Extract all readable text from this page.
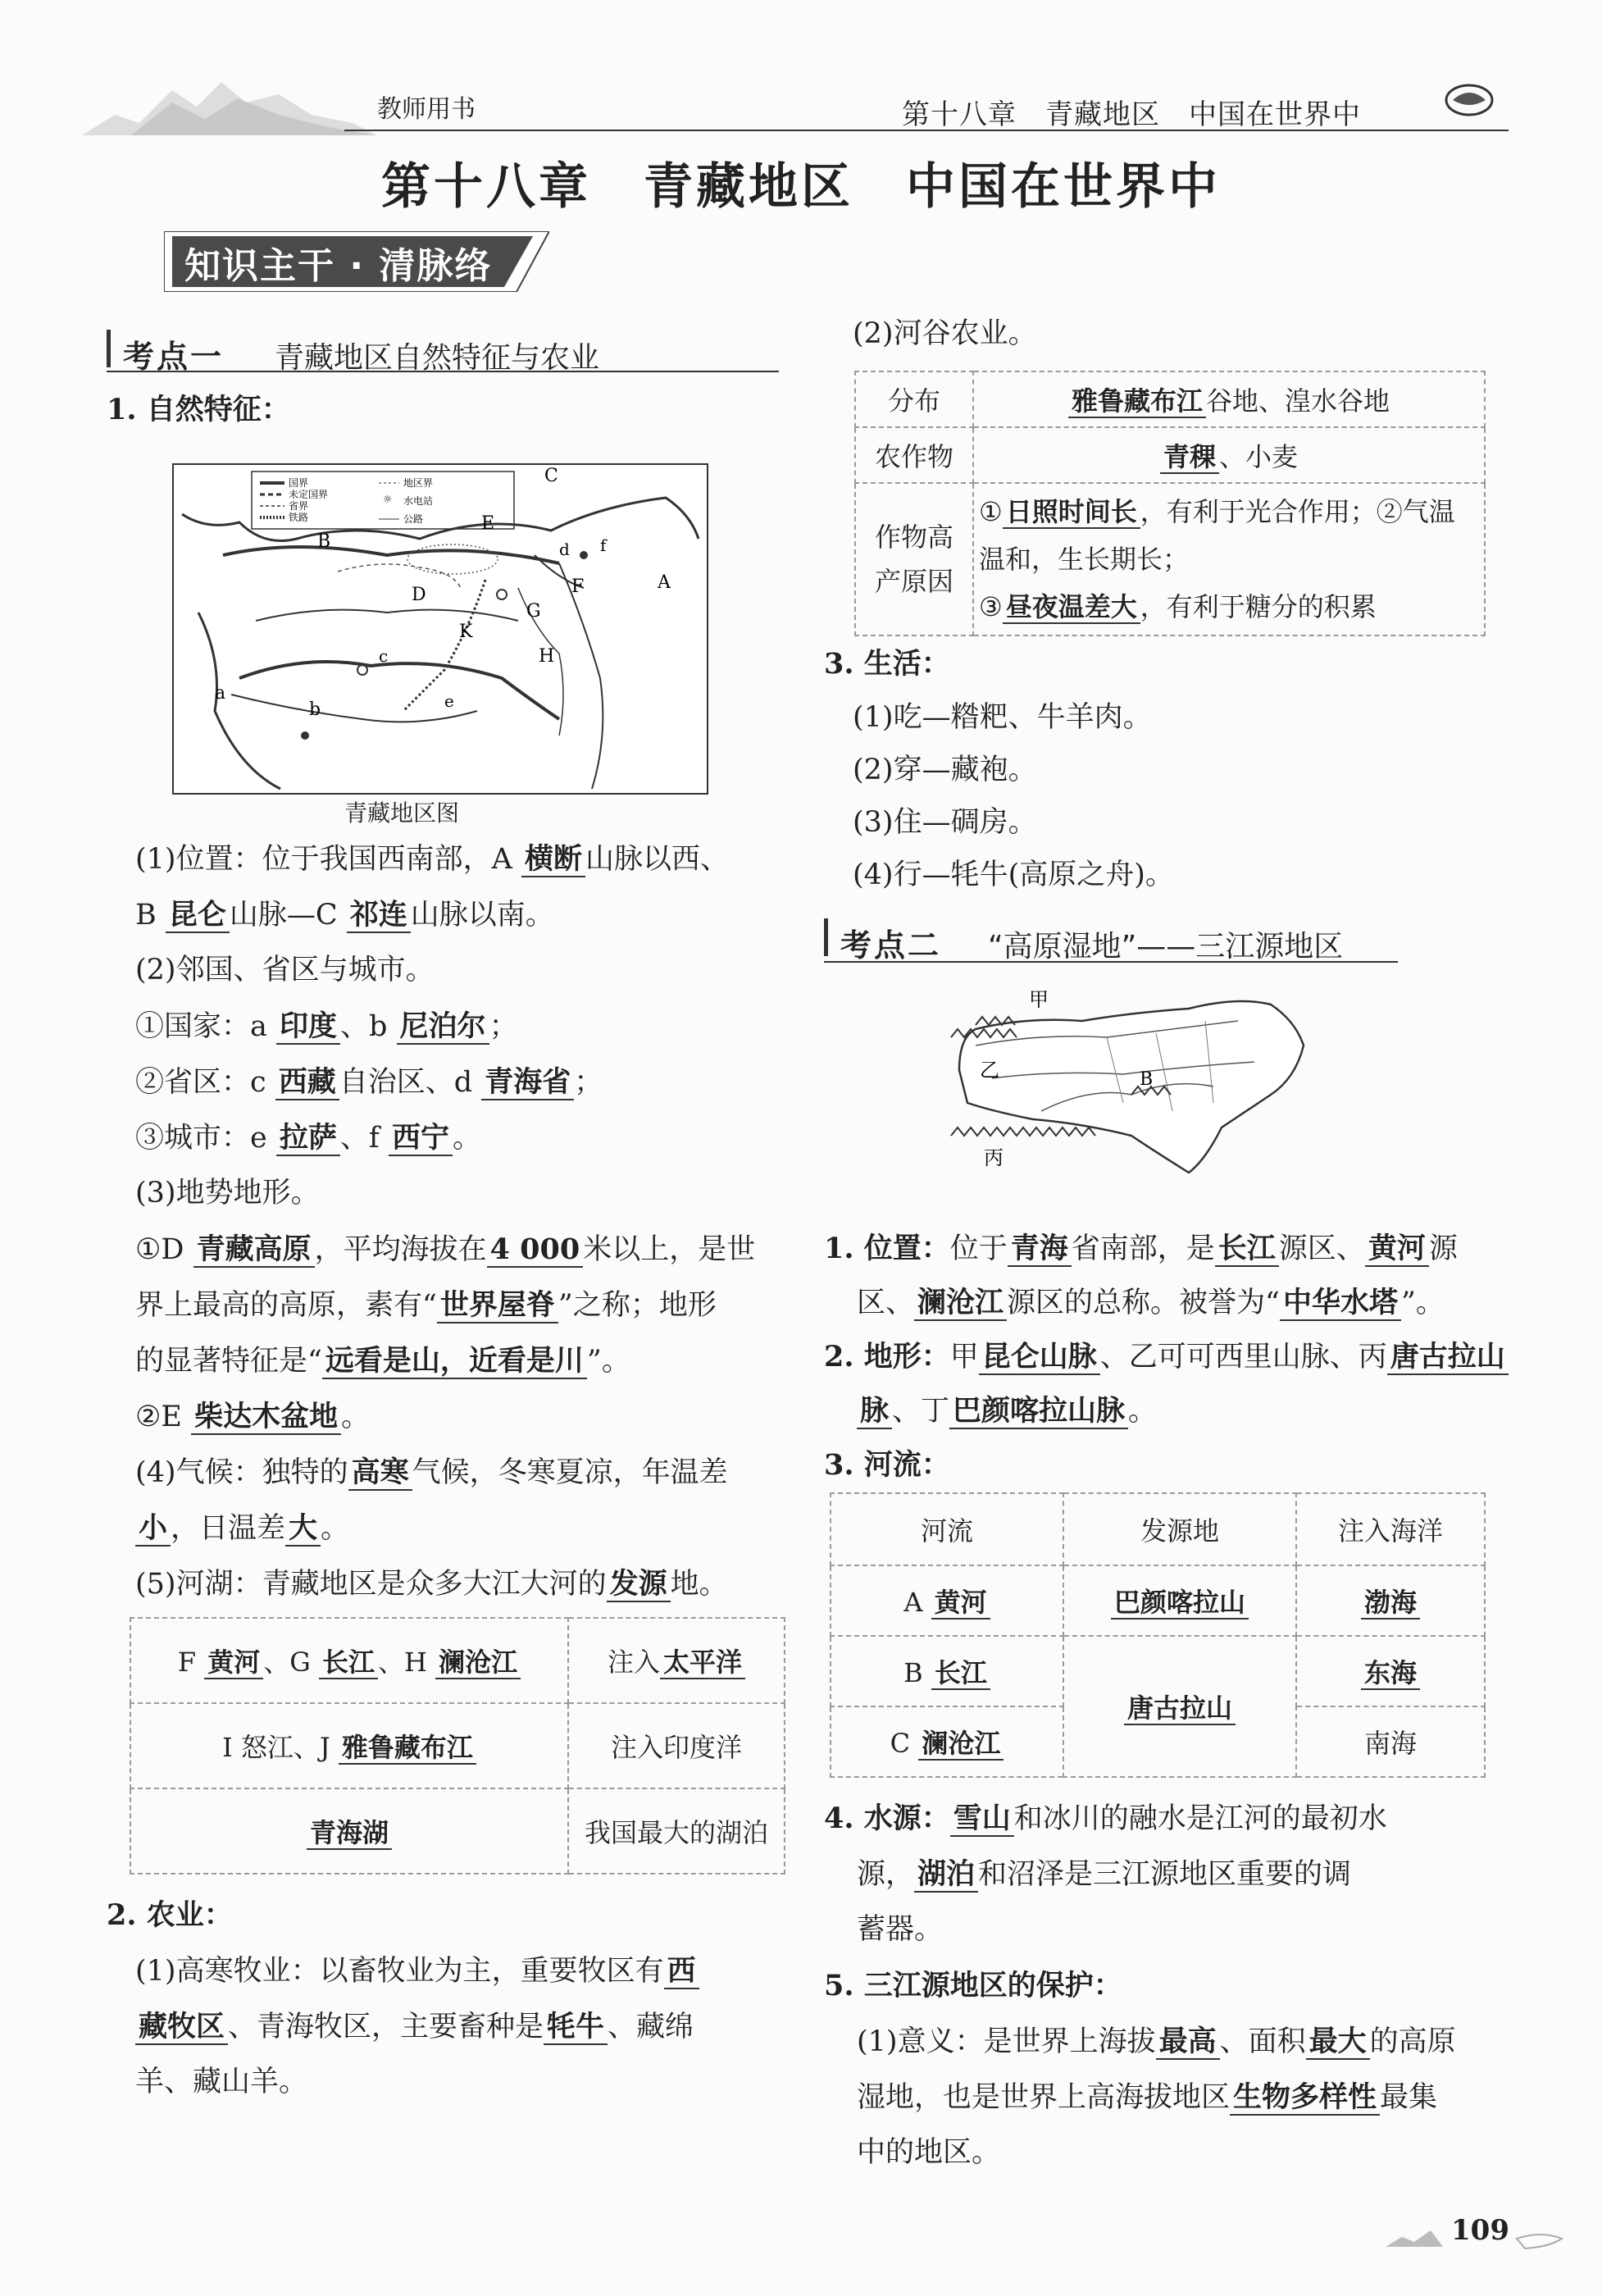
教师用书	第十八章　青藏地区　中国在世界中
第十八章　青藏地区　中国在世界中
知识主干 · 清脉络
考点一 青藏地区自然特征与农业
1. 自然特征：
国界
未定国界
省界
铁路
地区界
☼ 水电站
公路
C
B
E
D	F
G
K
H
A
a
b
c
d
e
f
青藏地区图
(1)位置：位于我国西南部，A 横断 山脉以西、
B 昆仑 山脉—C 祁连 山脉以南。
(2)邻国、省区与城市。
①国家：a 印度 、b 尼泊尔 ；
②省区：c 西藏 自治区、d 青海省 ；
③城市：e 拉萨 、f 西宁 。
(3)地势地形。
①D 青藏高原 ，平均海拔在 4 000 米以上，是世
界上最高的高原，素有“ 世界屋脊 ”之称；地形
的显著特征是“ 远看是山，近看是川 ”。
②E 柴达木盆地 。
(4)气候：独特的 高寒 气候，冬寒夏凉，年温差
小 ，日温差 大 。
(5)河湖：青藏地区是众多大江大河的 发源 地。
F 黄河 、G 长江 、H 澜沧江	注入 太平洋
I 怒江、J 雅鲁藏布江	注入印度洋
青海湖	我国最大的湖泊
2. 农业：
(1)高寒牧业：以畜牧业为主，重要牧区有 西
藏牧区 、青海牧区，主要畜种是 牦牛 、藏绵
羊、藏山羊。
(2)河谷农业。
分布	雅鲁藏布江 谷地、湟水谷地
农作物	青稞 、小麦
作物高
产原因	① 日照时间长 ，有利于光合作用；②气温
温和，生长期长；
③ 昼夜温差大 ，有利于糖分的积累
3. 生活：
(1)吃—糌粑、牛羊肉。
(2)穿—藏袍。
(3)住—碉房。
(4)行—牦牛(高原之舟)。
考点二 “高原湿地”——三江源地区
甲
乙
丙
B
1. 位置：位于 青海 省南部，是 长江 源区、 黄河 源
区、 澜沧江 源区的总称。被誉为“ 中华水塔 ”。
2. 地形：甲 昆仑山脉 、乙可可西里山脉、丙 唐古拉山
脉 、丁 巴颜喀拉山脉 。
3. 河流：
河流	发源地	注入海洋
A 黄河	巴颜喀拉山	渤海
B 长江	唐古拉山	东海
C 澜沧江		南海
4. 水源： 雪山 和冰川的融水是江河的最初水
源， 湖泊 和沼泽是三江源地区重要的调
蓄器。
5. 三江源地区的保护：
(1)意义：是世界上海拔 最高 、面积 最大 的高原
湿地，也是世界上高海拔地区 生物多样性 最集
中的地区。
109
